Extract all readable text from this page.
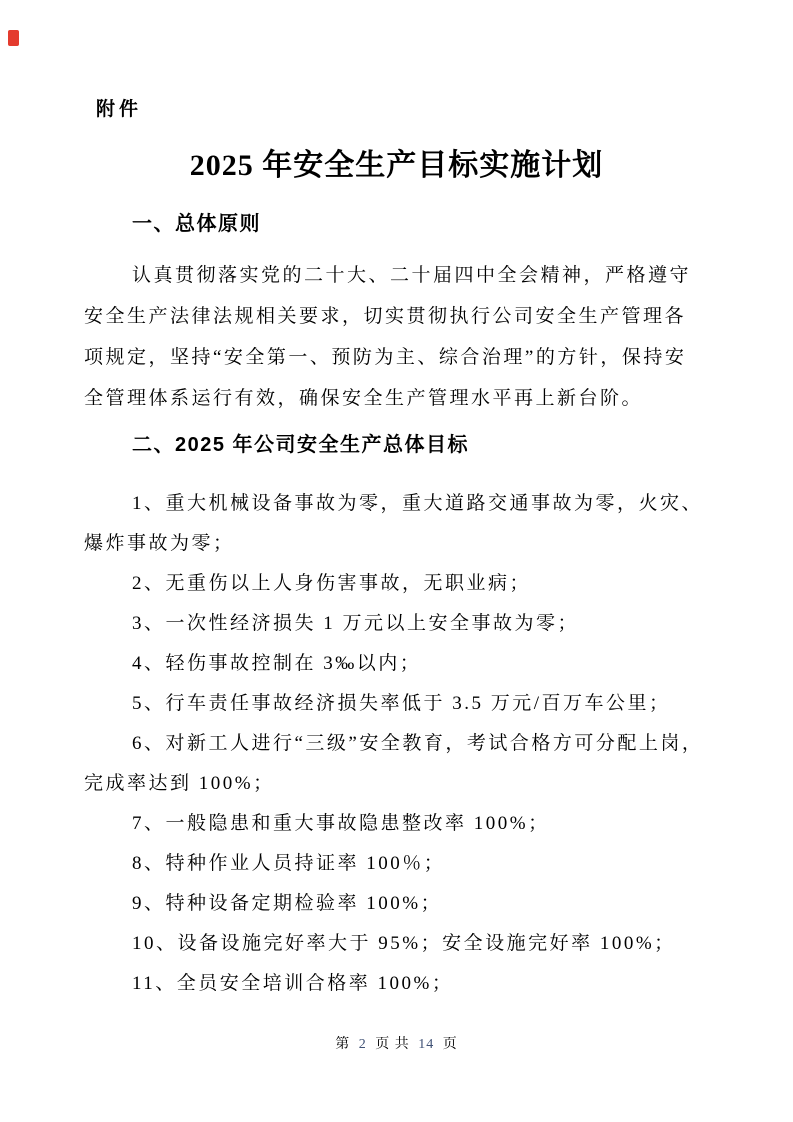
附件
2025 年安全生产目标实施计划
一、总体原则
认真贯彻落实党的二十大、二十届四中全会精神，严格遵守
安全生产法律法规相关要求，切实贯彻执行公司安全生产管理各
项规定，坚持“安全第一、预防为主、综合治理”的方针，保持安
全管理体系运行有效，确保安全生产管理水平再上新台阶。
二、2025 年公司安全生产总体目标
1、重大机械设备事故为零，重大道路交通事故为零，火灾、
爆炸事故为零；
2、无重伤以上人身伤害事故，无职业病；
3、一次性经济损失 1 万元以上安全事故为零；
4、轻伤事故控制在 3‰以内；
5、行车责任事故经济损失率低于 3.5 万元/百万车公里；
6、对新工人进行“三级”安全教育，考试合格方可分配上岗，
完成率达到 100%；
7、一般隐患和重大事故隐患整改率 100%；
8、特种作业人员持证率 100％；
9、特种设备定期检验率 100%；
10、设备设施完好率大于 95%；安全设施完好率 100%；
11、全员安全培训合格率 100%；
第 2 页 共 14 页
